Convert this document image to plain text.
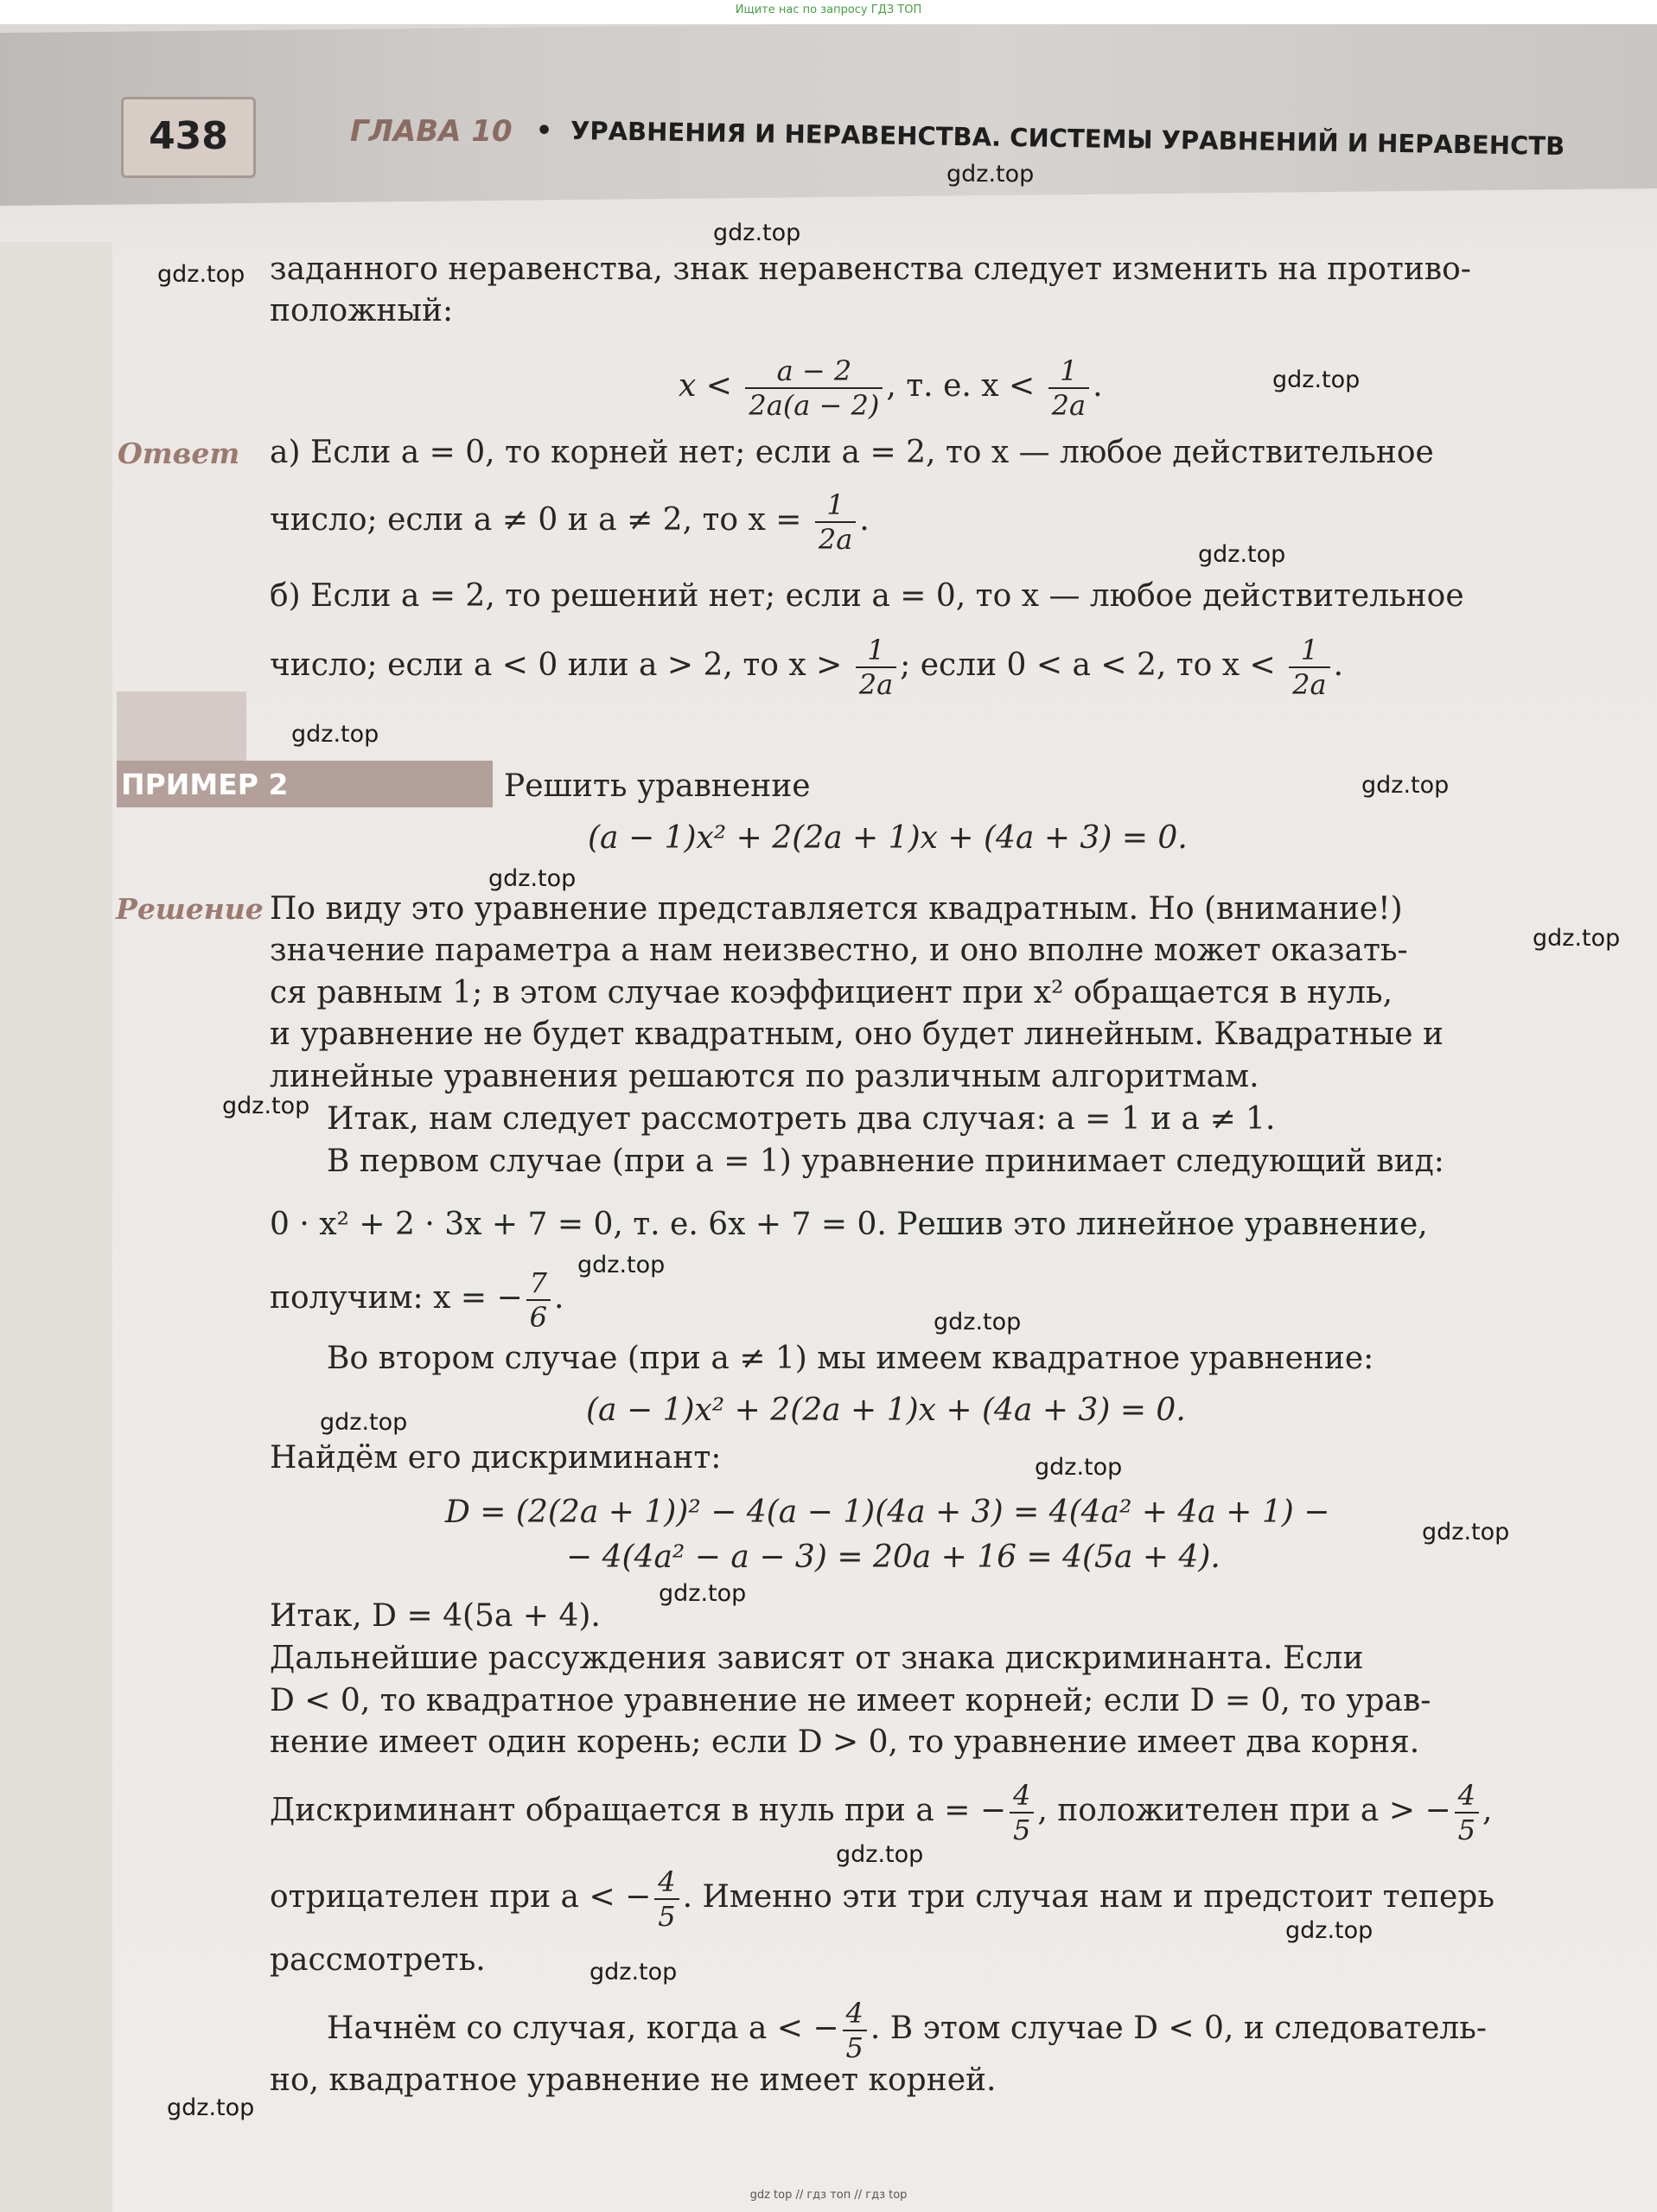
Ищите нас по запросу ГДЗ ТОП
438	ГЛАВА 10 • УРАВНЕНИЯ И НЕРАВЕНСТВА. СИСТЕМЫ УРАВНЕНИЙ И НЕРАВЕНСТВ

gdz.top
gdz.top
gdz.top
gdz.top
gdz.top
gdz.top
gdz.top
gdz.top
gdz.top
gdz.top
gdz.top
gdz.top
gdz.top
gdz.top
gdz.top
gdz.top
gdz.top
gdz.top
gdz.top
gdz.top
заданного неравенства, знак неравенства следует изменить на противо-
положный:
$x < \frac{a - 2}{2a(a - 2)}$ , т. е. $x < \frac{1}{2a}$ .
Ответ а) Если a = 0, то корней нет; если a = 2, то x — любое действительное
число; если a ≠ 0 и a ≠ 2, то $x = \frac{1}{2a}$ .
б) Если a = 2, то решений нет; если a = 0, то x — любое действительное
число; если a < 0 или a > 2, то $x > \frac{1}{2a}$ ; если 0 < a < 2, то $x < \frac{1}{2a}$ .
ПРИМЕР 2	Решить уравнение
(a − 1)x² + 2(2a + 1)x + (4a + 3) = 0.
Решение По виду это уравнение представляется квадратным. Но (внимание!)
значение параметра a нам неизвестно, и оно вполне может оказать-
ся равным 1; в этом случае коэффициент при x² обращается в нуль,
и уравнение не будет квадратным, оно будет линейным. Квадратные и
линейные уравнения решаются по различным алгоритмам.
Итак, нам следует рассмотреть два случая: a = 1 и a ≠ 1.
В первом случае (при a = 1) уравнение принимает следующий вид:
0 · x² + 2 · 3x + 7 = 0, т. е. 6x + 7 = 0. Решив это линейное уравнение,
получим: x = − $\frac{7}{6}$ .
Во втором случае (при a ≠ 1) мы имеем квадратное уравнение:
(a − 1)x² + 2(2a + 1)x + (4a + 3) = 0.
Найдём его дискриминант:
D = (2(2a + 1))² − 4(a − 1)(4a + 3) = 4(4a² + 4a + 1) −
− 4(4a² − a − 3) = 20a + 16 = 4(5a + 4).
Итак, D = 4(5a + 4).
Дальнейшие рассуждения зависят от знака дискриминанта. Если
D < 0, то квадратное уравнение не имеет корней; если D = 0, то урав-
нение имеет один корень; если D > 0, то уравнение имеет два корня.
Дискриминант обращается в нуль при a = − $\frac{4}{5}$ , положителен при a > − $\frac{4}{5}$ ,
отрицателен при a < − $\frac{4}{5}$ . Именно эти три случая нам и предстоит теперь
рассмотреть.
Начнём со случая, когда a < − $\frac{4}{5}$ . В этом случае D < 0, и следователь-
но, квадратное уравнение не имеет корней.
gdz top // гдз топ // гдз top
